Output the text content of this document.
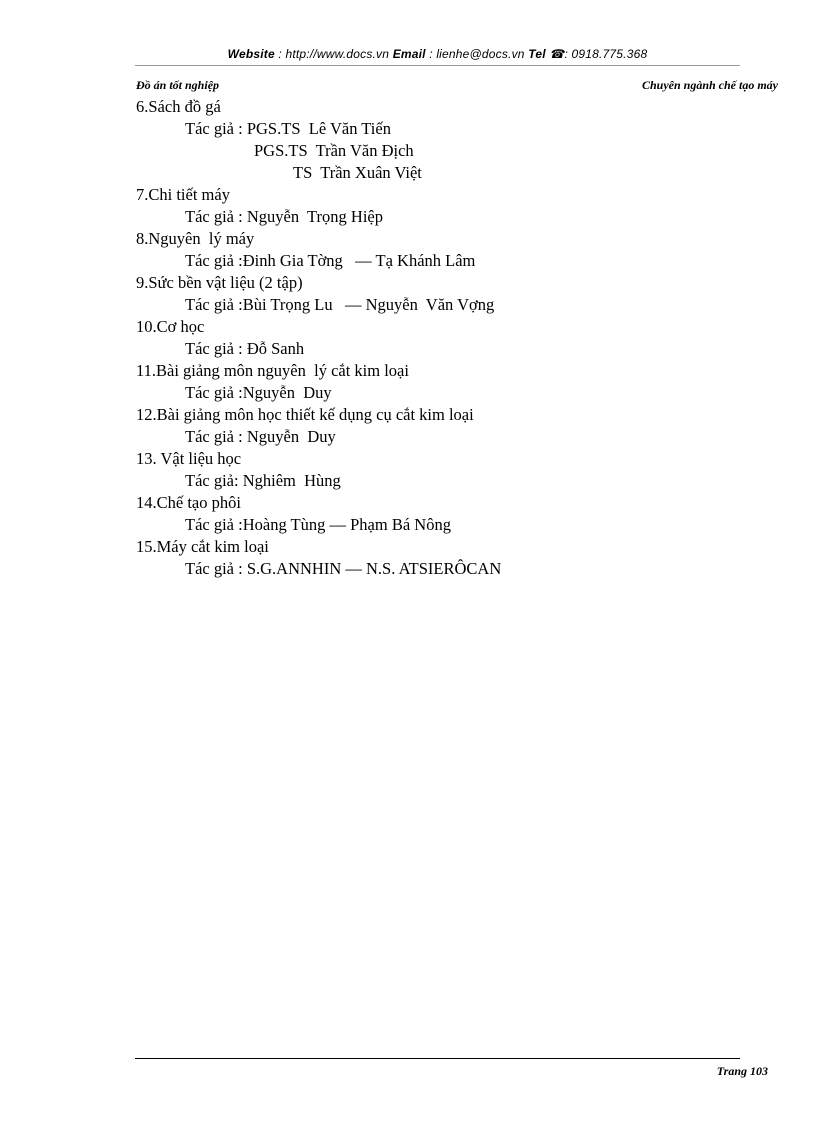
Website : http://www.docs.vn Email : lienhe@docs.vn Tel ☎: 0918.775.368
Đồ án tốt nghiệp	Chuyên ngành chế tạo máy
6.Sách đồ gá
Tác giả : PGS.TS  Lê Văn Tiến
PGS.TS  Trần Văn Địch
TS  Trần Xuân Việt
7.Chi tiết máy
Tác giả : Nguyễn  Trọng Hiệp
8.Nguyên  lý máy
Tác giả :Đinh Gia Tờng   — Tạ Khánh Lâm
9.Sức bền vật liệu (2 tập)
Tác giả :Bùi Trọng Lu   — Nguyễn  Văn Vợng
10.Cơ học
Tác giả : Đỗ Sanh
11.Bài giảng môn nguyên  lý cắt kim loại
Tác giả :Nguyễn  Duy
12.Bài giảng môn học thiết kế dụng cụ cắt kim loại
Tác giả : Nguyễn  Duy
13. Vật liệu học
Tác giả: Nghiêm  Hùng
14.Chế tạo phôi
Tác giả :Hoàng Tùng — Phạm Bá Nông
15.Máy cắt kim loại
Tác giả : S.G.ANNHIN — N.S. ATSIERÔCAN
Trang 103
